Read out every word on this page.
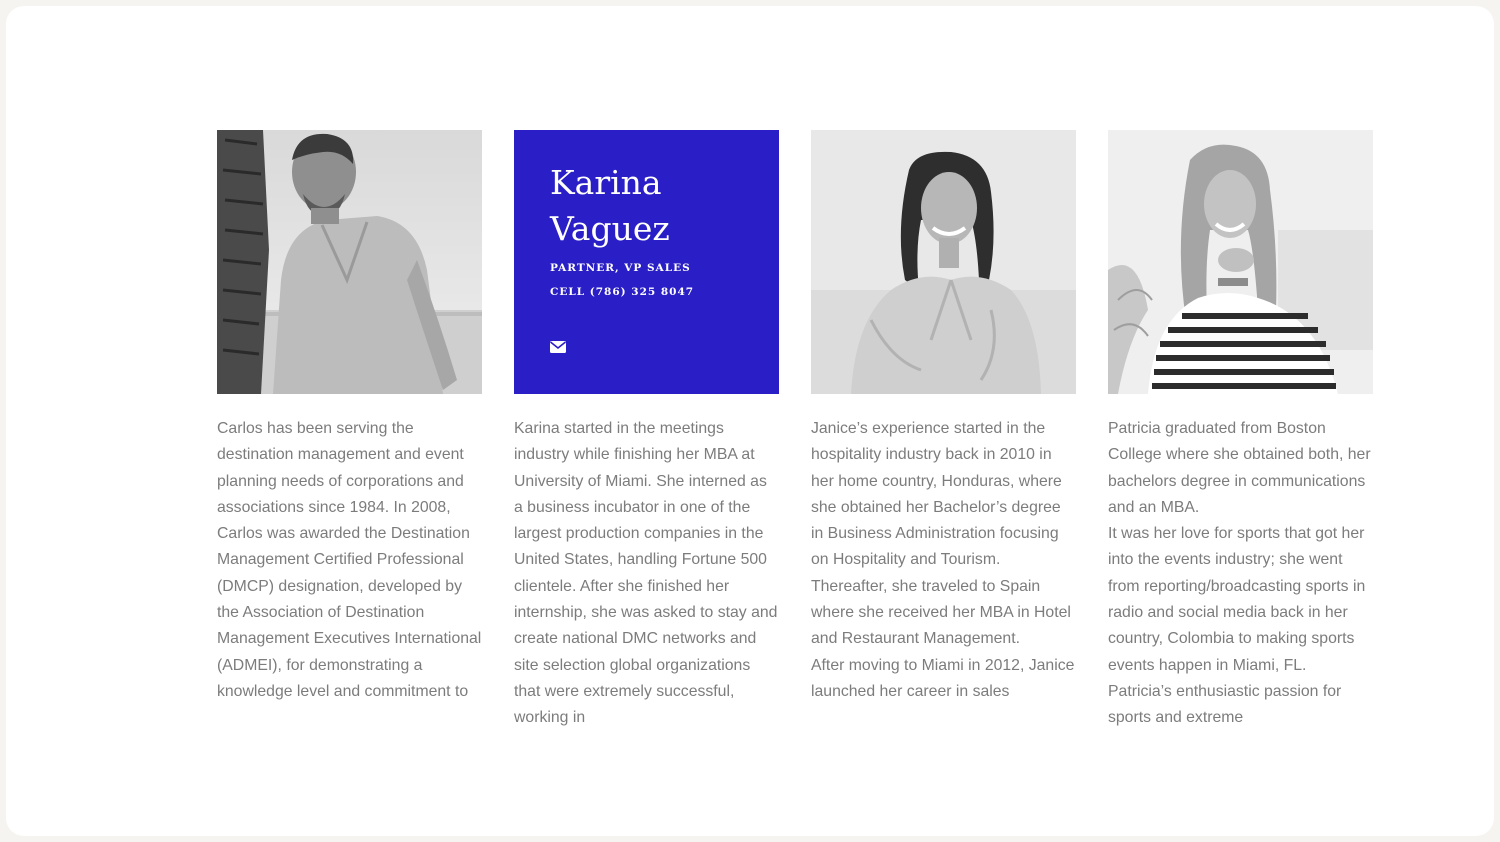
Carlos has been serving the destination management and event planning needs of corporations and associations since 1984. In 2008, Carlos was awarded the Destination Management Certified Professional (DMCP) designation, developed by the Association of Destination Management Executives International (ADMEI), for demonstrating a knowledge level and commitment to

Karina Vaguez

PARTNER, VP SALES

CELL (786) 325 8047

Karina started in the meetings industry while finishing her MBA at University of Miami. She interned as a business incubator in one of the largest production companies in the United States, handling Fortune 500 clientele. After she finished her internship, she was asked to stay and create national DMC networks and site selection global organizations that were extremely successful, working in

Janice’s experience started in the hospitality industry back in 2010 in her home country, Honduras, where she obtained her Bachelor’s degree in Business Administration focusing on Hospitality and Tourism. Thereafter, she traveled to Spain where she received her MBA in Hotel and Restaurant Management.

After moving to Miami in 2012, Janice launched her career in sales

Patricia graduated from Boston College where she obtained both, her bachelors degree in communications and an MBA.

It was her love for sports that got her into the events industry; she went from reporting/broadcasting sports in radio and social media back in her country, Colombia to making sports events happen in Miami, FL. Patricia’s enthusiastic passion for sports and extreme
